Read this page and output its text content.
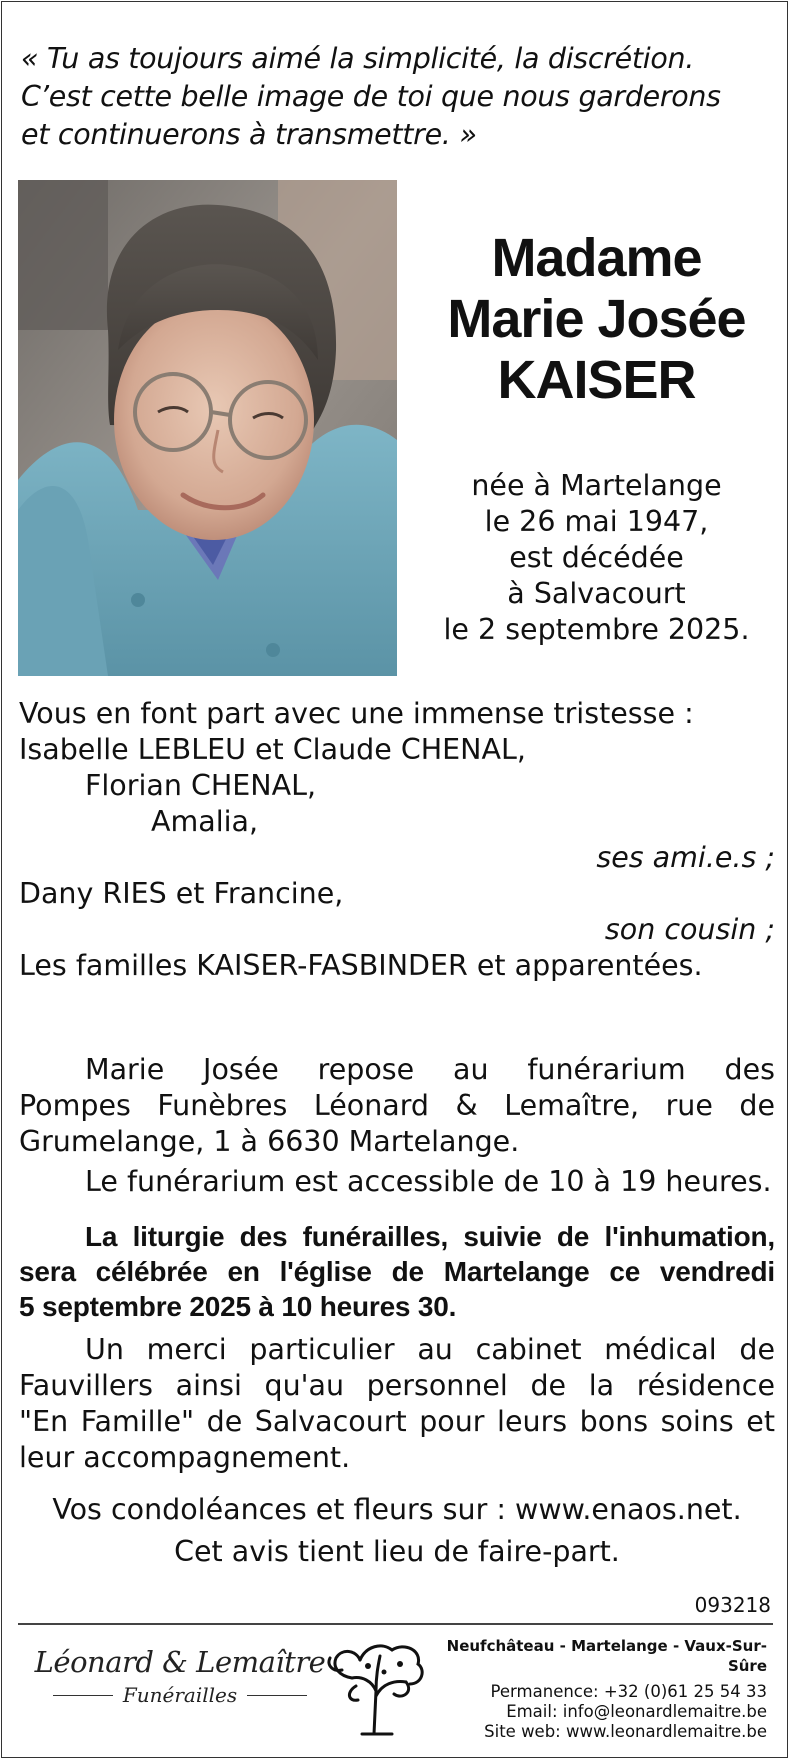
« Tu as toujours aimé la simplicité, la discrétion.
C’est cette belle image de toi que nous garderons
et continuerons à transmettre. »
Madame
Marie Josée
KAISER
née à Martelange
le 26 mai 1947,
est décédée
à Salvacourt
le 2 septembre 2025.
Vous en font part avec une immense tristesse :
Isabelle LEBLEU et Claude CHENAL,
Florian CHENAL,
Amalia,
ses ami.e.s ;
Dany RIES et Francine,
son cousin ;
Les familles KAISER-FASBINDER et apparentées.
Marie Josée repose au funérarium des
Pompes Funèbres Léonard & Lemaître, rue de
Grumelange, 1 à 6630 Martelange.
Le funérarium est accessible de 10 à 19 heures.
La liturgie des funérailles, suivie de l'inhumation,
sera célébrée en l'église de Martelange ce vendredi
5 septembre 2025 à 10 heures 30.
Un merci particulier au cabinet médical de
Fauvillers ainsi qu'au personnel de la résidence
"En Famille" de Salvacourt pour leurs bons soins et
leur accompagnement.
Vos condoléances et fleurs sur : www.enaos.net.
Cet avis tient lieu de faire-part.
093218
Léonard & Lemaître
Funérailles
Neufchâteau - Martelange - Vaux-Sur-Sûre
Permanence: +32 (0)61 25 54 33
Email: info@leonardlemaitre.be
Site web: www.leonardlemaitre.be
